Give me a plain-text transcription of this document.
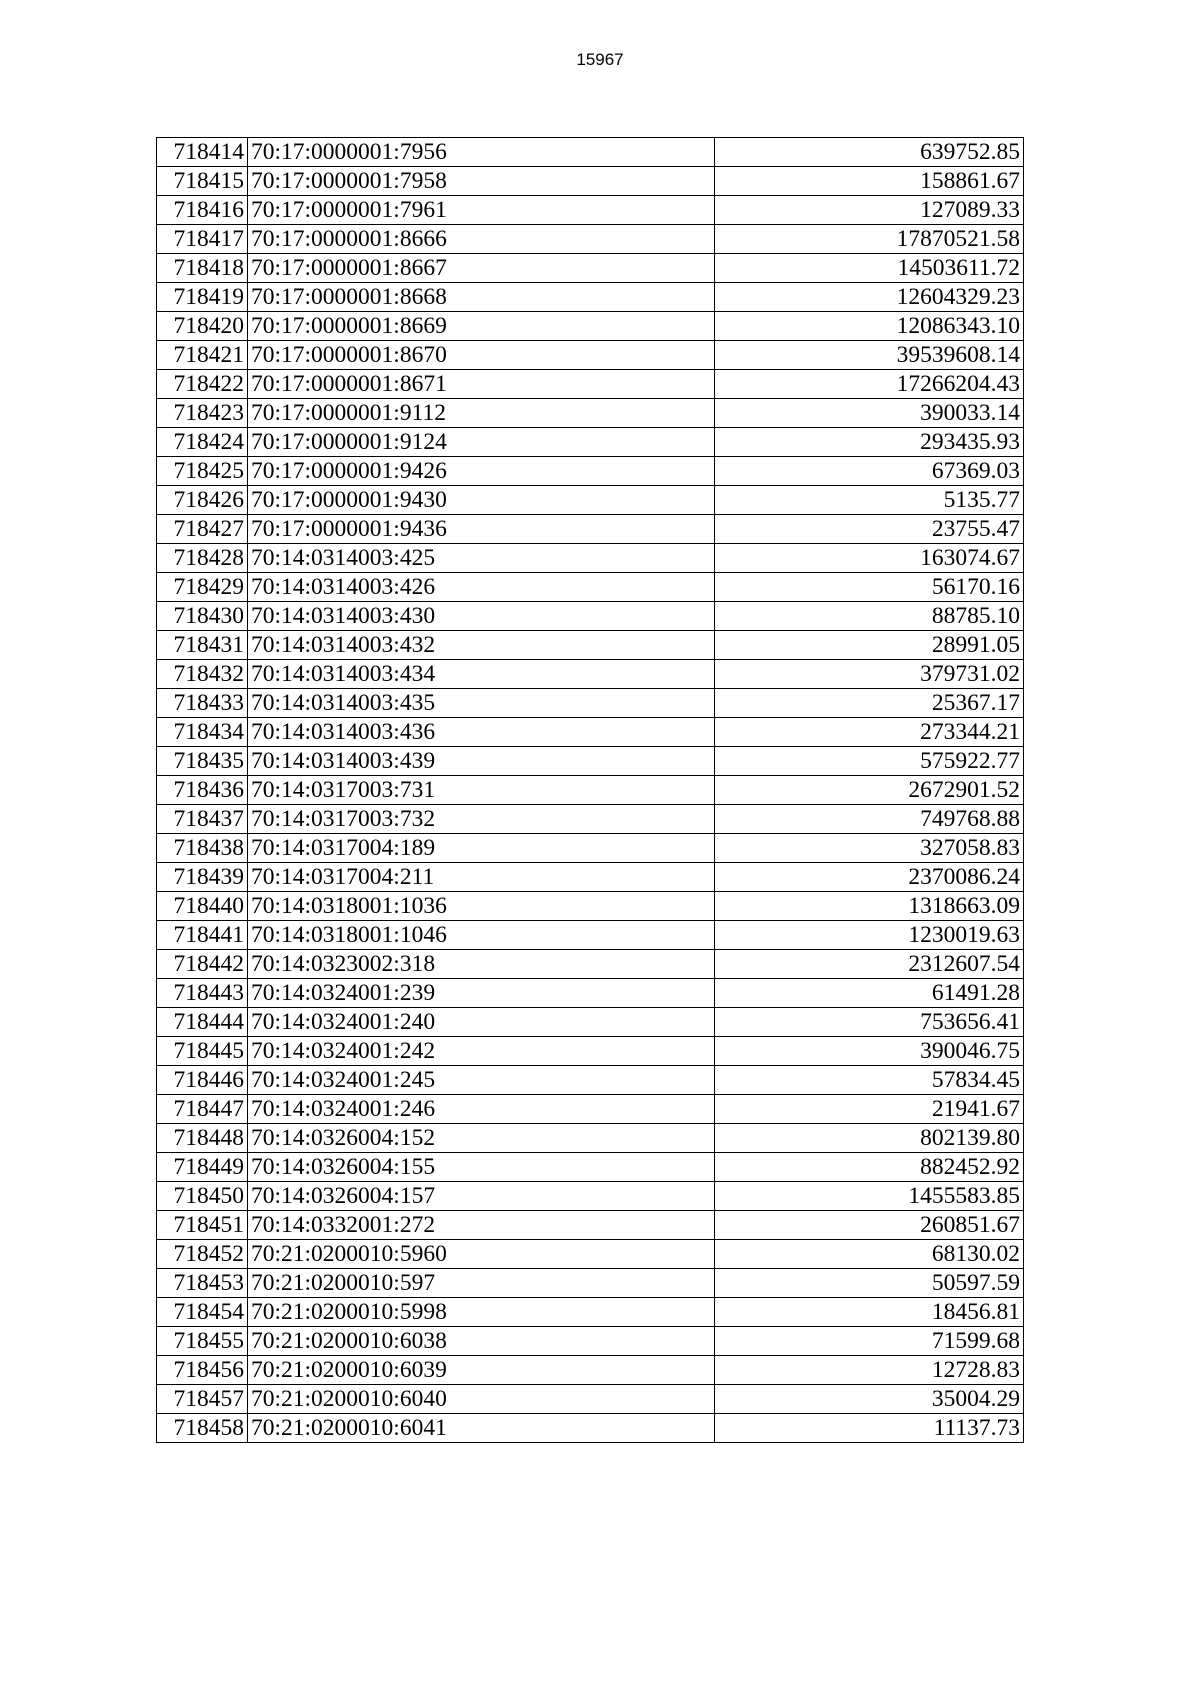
15967
718414	70:17:0000001:7956	639752.85
718415	70:17:0000001:7958	158861.67
718416	70:17:0000001:7961	127089.33
718417	70:17:0000001:8666	17870521.58
718418	70:17:0000001:8667	14503611.72
718419	70:17:0000001:8668	12604329.23
718420	70:17:0000001:8669	12086343.10
718421	70:17:0000001:8670	39539608.14
718422	70:17:0000001:8671	17266204.43
718423	70:17:0000001:9112	390033.14
718424	70:17:0000001:9124	293435.93
718425	70:17:0000001:9426	67369.03
718426	70:17:0000001:9430	5135.77
718427	70:17:0000001:9436	23755.47
718428	70:14:0314003:425	163074.67
718429	70:14:0314003:426	56170.16
718430	70:14:0314003:430	88785.10
718431	70:14:0314003:432	28991.05
718432	70:14:0314003:434	379731.02
718433	70:14:0314003:435	25367.17
718434	70:14:0314003:436	273344.21
718435	70:14:0314003:439	575922.77
718436	70:14:0317003:731	2672901.52
718437	70:14:0317003:732	749768.88
718438	70:14:0317004:189	327058.83
718439	70:14:0317004:211	2370086.24
718440	70:14:0318001:1036	1318663.09
718441	70:14:0318001:1046	1230019.63
718442	70:14:0323002:318	2312607.54
718443	70:14:0324001:239	61491.28
718444	70:14:0324001:240	753656.41
718445	70:14:0324001:242	390046.75
718446	70:14:0324001:245	57834.45
718447	70:14:0324001:246	21941.67
718448	70:14:0326004:152	802139.80
718449	70:14:0326004:155	882452.92
718450	70:14:0326004:157	1455583.85
718451	70:14:0332001:272	260851.67
718452	70:21:0200010:5960	68130.02
718453	70:21:0200010:597	50597.59
718454	70:21:0200010:5998	18456.81
718455	70:21:0200010:6038	71599.68
718456	70:21:0200010:6039	12728.83
718457	70:21:0200010:6040	35004.29
718458	70:21:0200010:6041	11137.73
